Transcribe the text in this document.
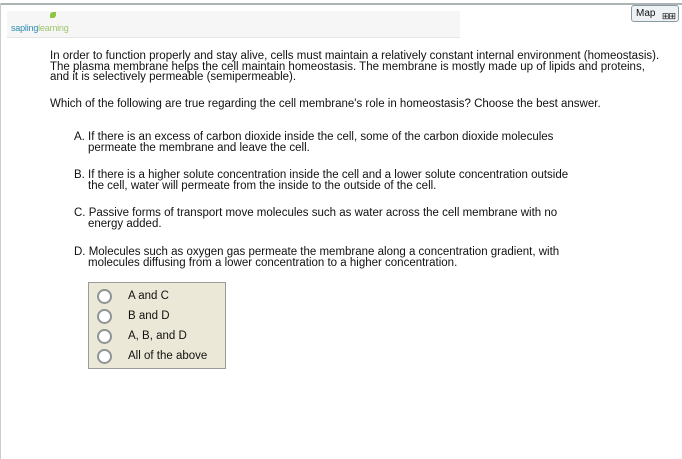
saplinglearning
Map ⊞⊞
In order to function properly and stay alive, cells must maintain a relatively constant internal environment (homeostasis). The plasma membrane helps the cell maintain homeostasis. The membrane is mostly made up of lipids and proteins, and it is selectively permeable (semipermeable).
Which of the following are true regarding the cell membrane's role in homeostasis? Choose the best answer.
A. If there is an excess of carbon dioxide inside the cell, some of the carbon dioxide molecules
permeate the membrane and leave the cell.
B. If there is a higher solute concentration inside the cell and a lower solute concentration outside
the cell, water will permeate from the inside to the outside of the cell.
C. Passive forms of transport move molecules such as water across the cell membrane with no
energy added.
D. Molecules such as oxygen gas permeate the membrane along a concentration gradient, with
molecules diffusing from a lower concentration to a higher concentration.
A and C
B and D
A, B, and D
All of the above
